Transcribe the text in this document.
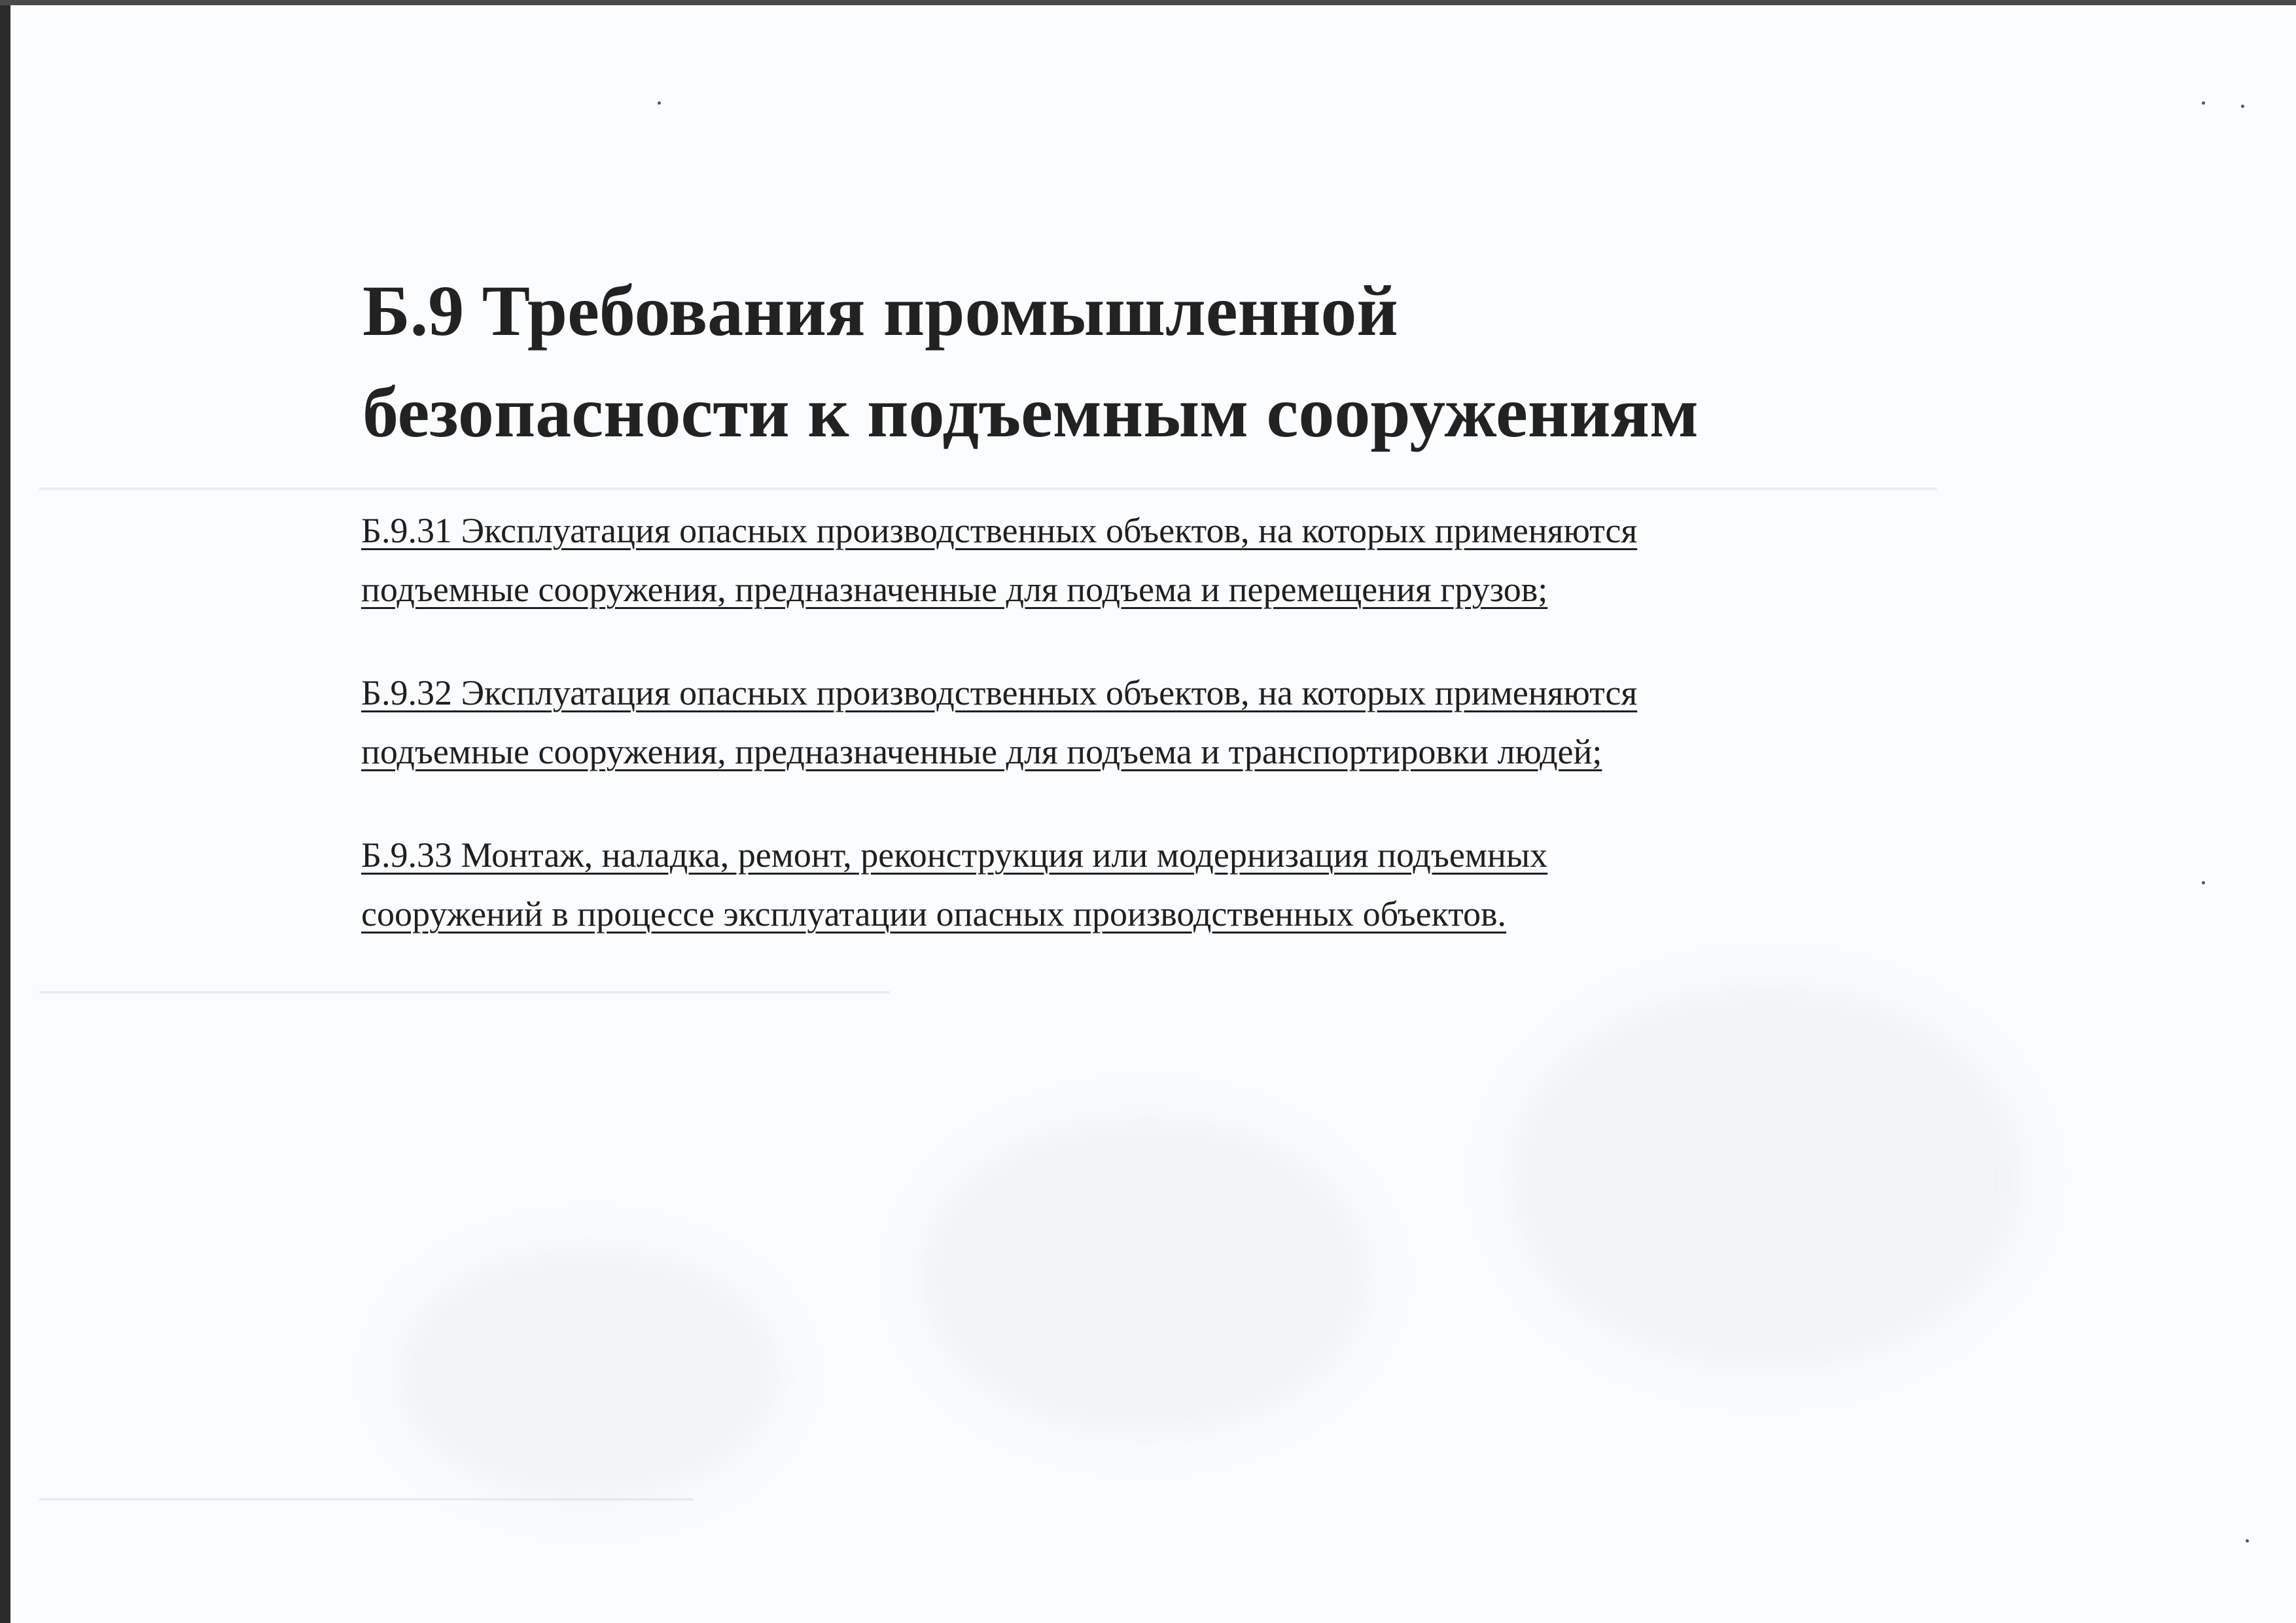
Б.9 Требования промышленной
безопасности к подъемным сооружениям

Б.9.31 Эксплуатация опасных производственных объектов, на которых применяются
подъемные сооружения, предназначенные для подъема и перемещения грузов;

Б.9.32 Эксплуатация опасных производственных объектов, на которых применяются
подъемные сооружения, предназначенные для подъема и транспортировки людей;

Б.9.33 Монтаж, наладка, ремонт, реконструкция или модернизация подъемных
сооружений в процессе эксплуатации опасных производственных объектов.
